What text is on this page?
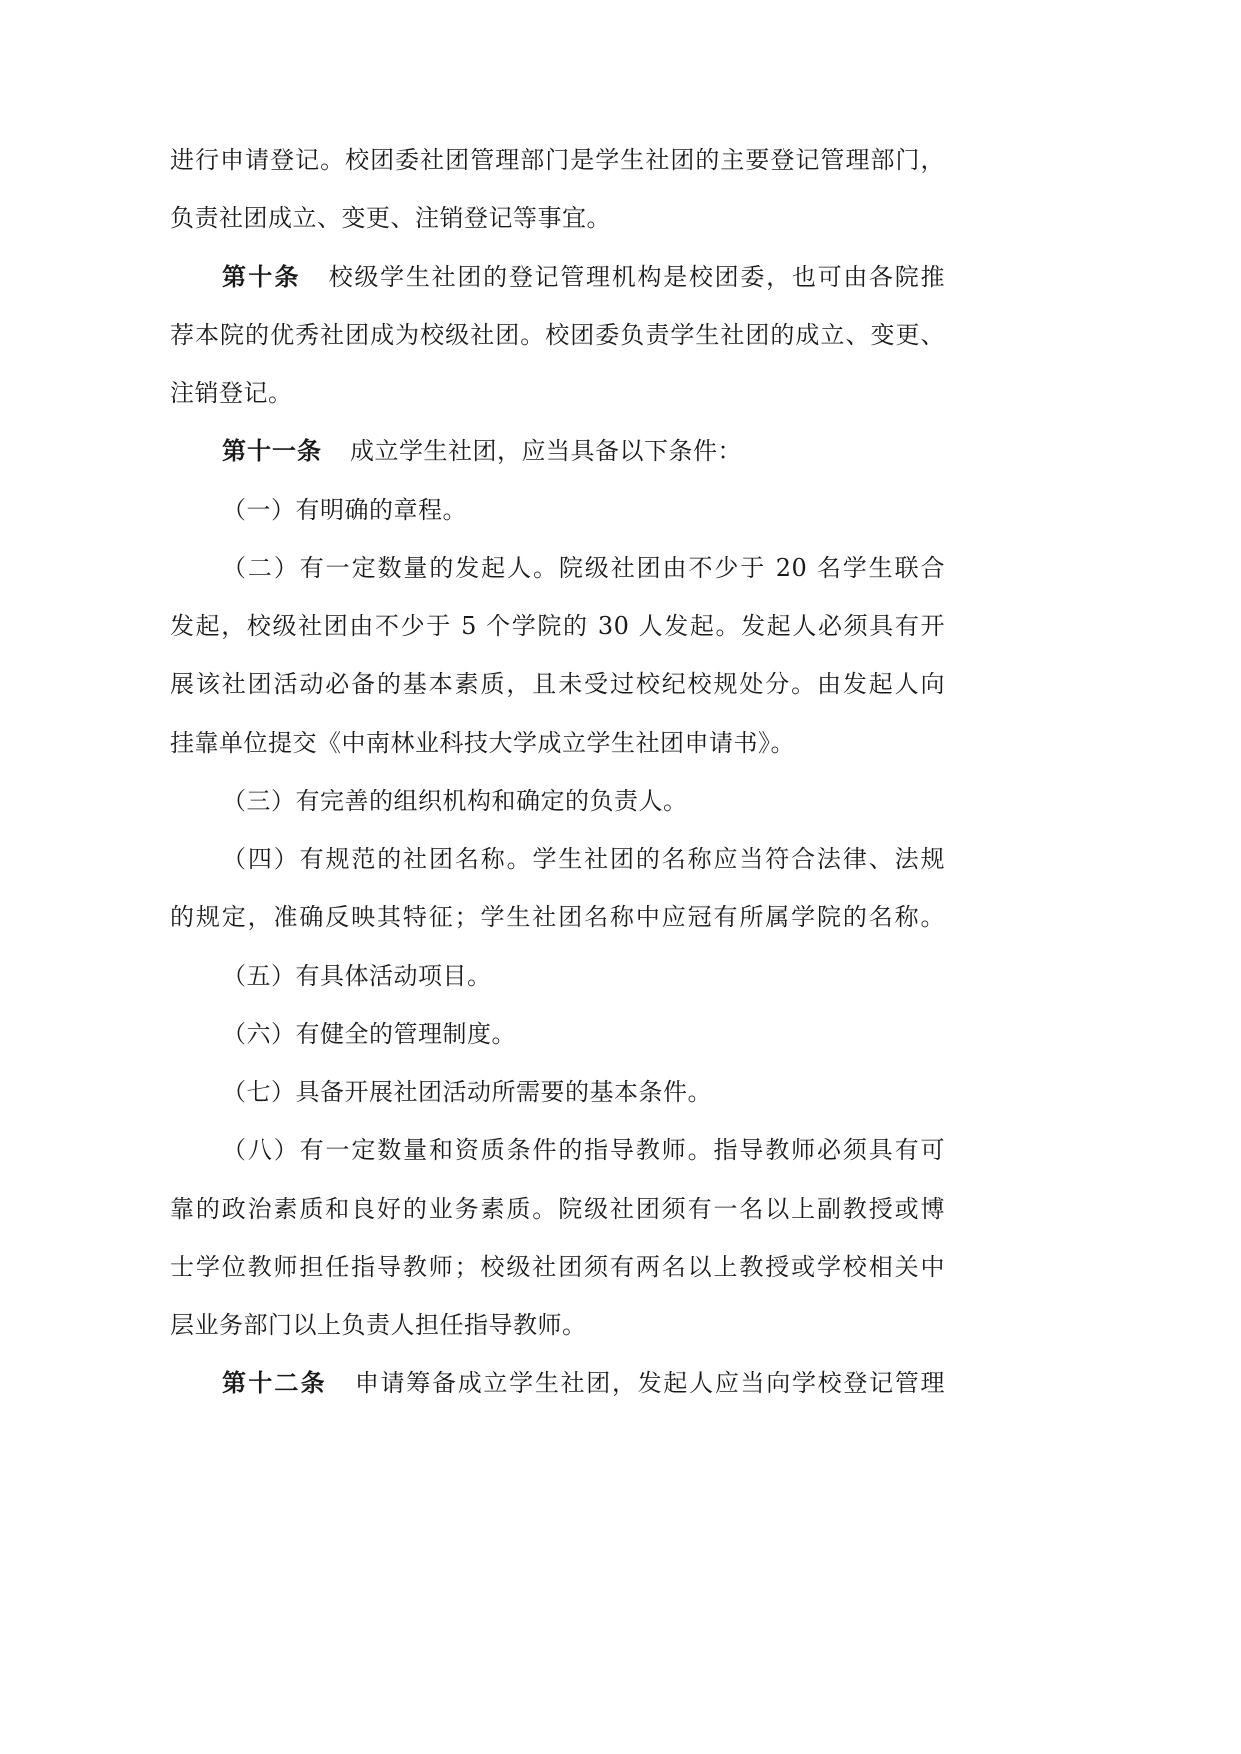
进行申请登记。校团委社团管理部门是学生社团的主要登记管理部门，
负责社团成立、变更、注销登记等事宜。
第十条 校级学生社团的登记管理机构是校团委，也可由各院推
荐本院的优秀社团成为校级社团。校团委负责学生社团的成立、变更、
注销登记。
第十一条 成立学生社团，应当具备以下条件：
（一）有明确的章程。
（二）有一定数量的发起人。院级社团由不少于 20 名学生联合
发起，校级社团由不少于 5 个学院的 30 人发起。发起人必须具有开
展该社团活动必备的基本素质，且未受过校纪校规处分。由发起人向
挂靠单位提交《中南林业科技大学成立学生社团申请书》。
（三）有完善的组织机构和确定的负责人。
（四）有规范的社团名称。学生社团的名称应当符合法律、法规
的规定，准确反映其特征；学生社团名称中应冠有所属学院的名称。
（五）有具体活动项目。
（六）有健全的管理制度。
（七）具备开展社团活动所需要的基本条件。
（八）有一定数量和资质条件的指导教师。指导教师必须具有可
靠的政治素质和良好的业务素质。院级社团须有一名以上副教授或博
士学位教师担任指导教师；校级社团须有两名以上教授或学校相关中
层业务部门以上负责人担任指导教师。
第十二条 申请筹备成立学生社团，发起人应当向学校登记管理
